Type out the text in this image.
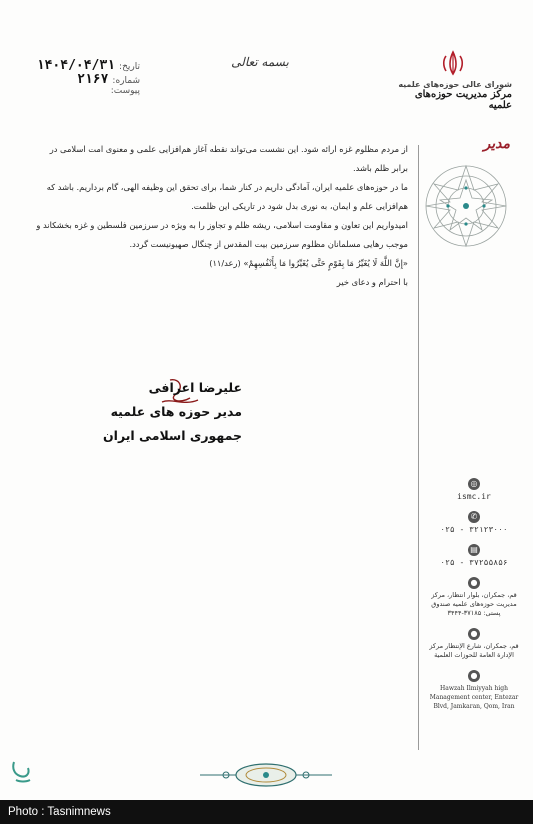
تاریخ:
۱۴۰۴/۰۴/۳۱
شماره:
۲۱۶۷
پیوست:
بسمه تعالی
شورای عالی حوزه‌های علمیه
مرکز مدیریت حوزه‌های علمیه
مدیر

از مردم مظلوم غزه ارائه شود. این نشست می‌تواند نقطه آغاز هم‌افزایی علمی و معنوی امت اسلامی در برابر ظلم باشد.

ما در حوزه‌های علمیه ایران، آمادگی داریم در کنار شما، برای تحقق این وظیفه الهی، گام برداریم. باشد که هم‌افزایی علم و ایمان، به نوری بدل شود در تاریکی این ظلمت.

امیدواریم این تعاون و مقاومت اسلامی، ریشه ظلم و تجاوز را به ویژه در سرزمین فلسطین و غزه بخشکاند و موجب رهایی مسلمانان مظلوم سرزمین بیت المقدس از چنگال صهیونیست گردد.

«إِنَّ اللَّهَ لَا يُغَيِّرُ مَا بِقَوْمٍ حَتَّى يُغَيِّرُوا مَا بِأَنْفُسِهِمْ» (رعد/۱۱)

با احترام و دعای خیر

علیرضا اعرافی
مدیر حوزه های علمیه
جمهوری اسلامی ایران
◎
ismc.ir
✆
۰۲۵ - ۳۲۱۲۳۰۰۰
▤
۰۲۵ - ۳۷۲۵۵۸۵۶
●
قم، جمکران، بلوار انتظار، مرکز مدیریت حوزه‌های علمیه صندوق پستی: ۳۷۱۸۵-۳۴۴۴
●
قم، جمكران، شارع الإنتظار مركز الإدارة العامة للحوزات العلمية
●
Hawzah Ilmiyyah high Management center, Entezar Blvd, Jamkaran, Qom, Iran
Photo : Tasnimnews
